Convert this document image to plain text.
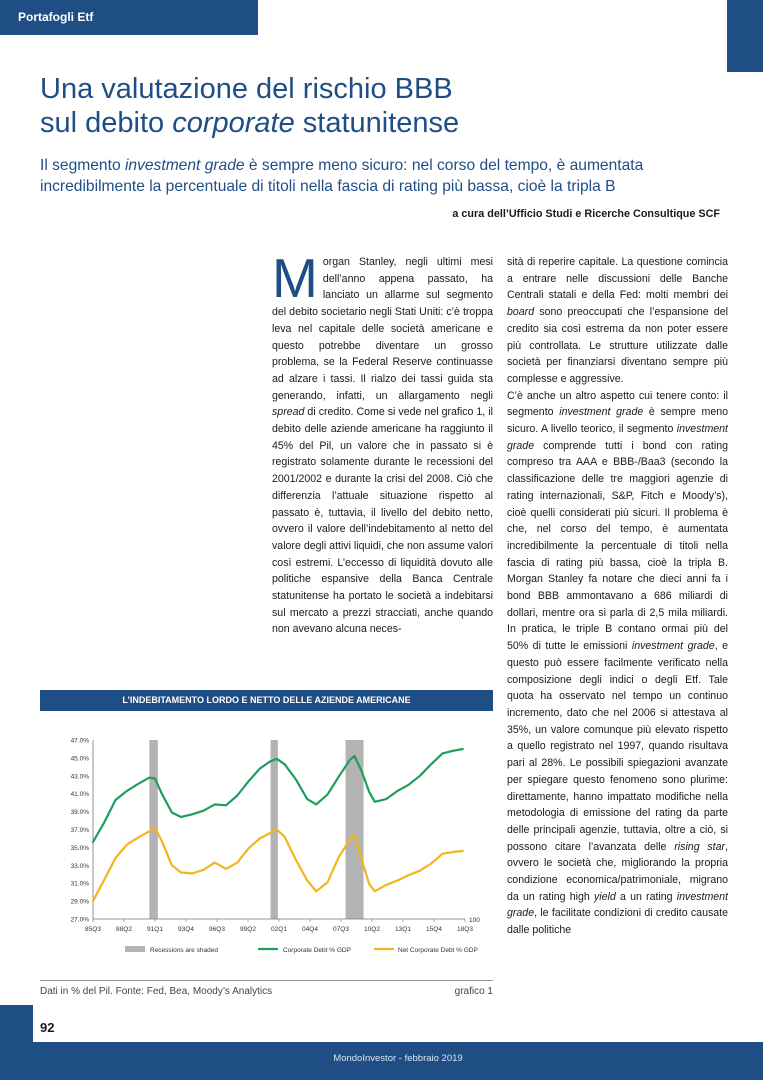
Portafogli Etf
Una valutazione del rischio BBB
sul debito corporate statunitense

Il segmento investment grade è sempre meno sicuro: nel corso del tempo, è aumentata incredibilmente la percentuale di titoli nella fascia di rating più bassa, cioè la tripla B

a cura dell’Ufficio Studi e Ricerche Consultique SCF

Morgan Stanley, negli ultimi mesi dell’anno appena passato, ha lanciato un allarme sul segmento del debito societario negli Stati Uniti: c’è troppa leva nel capitale delle società americane e questo potrebbe diventare un grosso problema, se la Federal Reserve continuasse ad alzare i tassi. Il rialzo dei tassi guida sta generando, infatti, un allargamento negli spread di credito. Come si vede nel grafico 1, il debito delle aziende americane ha raggiunto il 45% del Pil, un valore che in passato si è registrato solamente durante le recessioni del 2001/2002 e durante la crisi del 2008. Ciò che differenzia l’attuale situazione rispetto al passato è, tuttavia, il livello del debito netto, ovvero il valore dell’indebitamento al netto del valore degli attivi liquidi, che non assume valori così estremi. L’eccesso di liquidità dovuto alle politiche espansive della Banca Centrale statunitense ha portato le società a indebitarsi sul mercato a prezzi stracciati, anche quando non avevano alcuna neces-

sità di reperire capitale. La questione comincia a entrare nelle discussioni delle Banche Centrali statali e della Fed: molti membri dei board sono preoccupati che l’espansione del credito sia così estrema da non poter essere più controllata. Le strutture utilizzate dalle società per finanziarsi diventano sempre più complesse e aggressive.

C’è anche un altro aspetto cui tenere conto: il segmento investment grade è sempre meno sicuro. A livello teorico, il segmento investment grade comprende tutti i bond con rating compreso tra AAA e BBB-/Baa3 (secondo la classificazione delle tre maggiori agenzie di rating internazionali, S&P, Fitch e Moody’s), cioè quelli considerati più sicuri. Il problema è che, nel corso del tempo, è aumentata incredibilmente la percentuale di titoli nella fascia di rating più bassa, cioè la tripla B. Morgan Stanley fa notare che dieci anni fa i bond BBB ammontavano a 686 miliardi di dollari, mentre ora si parla di 2,5 mila miliardi. In pratica, le triple B contano ormai più del 50% di tutte le emissioni investment grade, e questo può essere facilmente verificato nella composizione degli indici o degli Etf. Tale quota ha osservato nel tempo un continuo incremento, dato che nel 2006 si attestava al 35%, un valore comunque più elevato rispetto a quello registrato nel 1997, quando risultava pari al 28%. Le possibili spiegazioni avanzate per spiegare questo fenomeno sono plurime: direttamente, hanno impattato modifiche nella metodologia di emissione del rating da parte delle principali agenzie, tuttavia, oltre a ciò, si possono citare l’avanzata delle rising star, ovvero le società che, migliorando la propria condizione economica/patrimoniale, migrano da un rating high yield a un rating investment grade, le facilitate condizioni di credito causate dalle politiche

L’INDEBITAMENTO LORDO E NETTO DELLE AZIENDE AMERICANE
27.0%
29.0%
31.0%
33.0%
35.0%
37.0%
39.0%
41.0%
43.0%
45.0%
47.0%
85Q3 88Q2 91Q1 93Q4 96Q3 99Q2 02Q1 04Q4 07Q3 10Q2 13Q1 15Q4 18Q3
100
Recessions are shaded	Corporate Debt % GDP	Net Corporate Debt % GDP
Dati in % del Pil. Fonte: Fed, Bea, Moody’s Analytics	grafico 1
92
MondoInvestor - febbraio 2019
